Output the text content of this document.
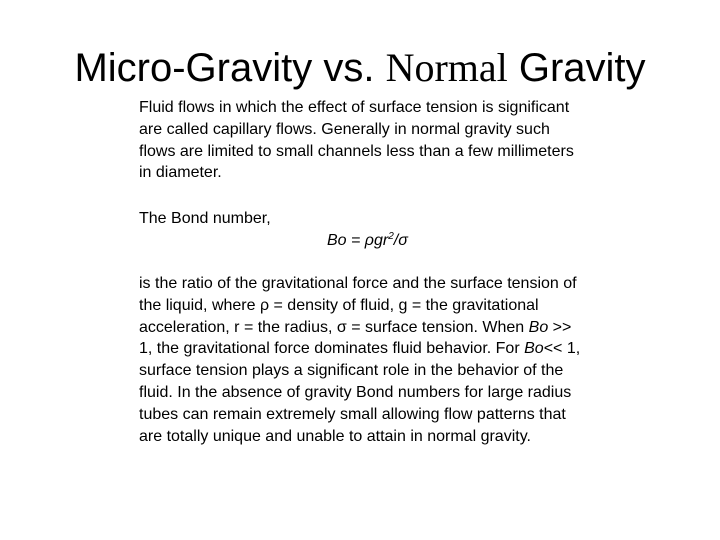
Micro-Gravity vs. Normal Gravity
Fluid flows in which the effect of surface tension is significant are called capillary flows. Generally in normal gravity such flows are limited to small channels less than a few millimeters in diameter.
The Bond number,
Bo = ρgr$^2$/σ
is the ratio of the gravitational force and the surface tension of the liquid, where ρ = density of fluid, g = the gravitational acceleration, r = the radius, σ = surface tension. When Bo >> 1, the gravitational force dominates fluid behavior. For Bo<< 1, surface tension plays a significant role in the behavior of the fluid. In the absence of gravity Bond numbers for large radius tubes can remain extremely small allowing flow patterns that are totally unique and unable to attain in normal gravity.
